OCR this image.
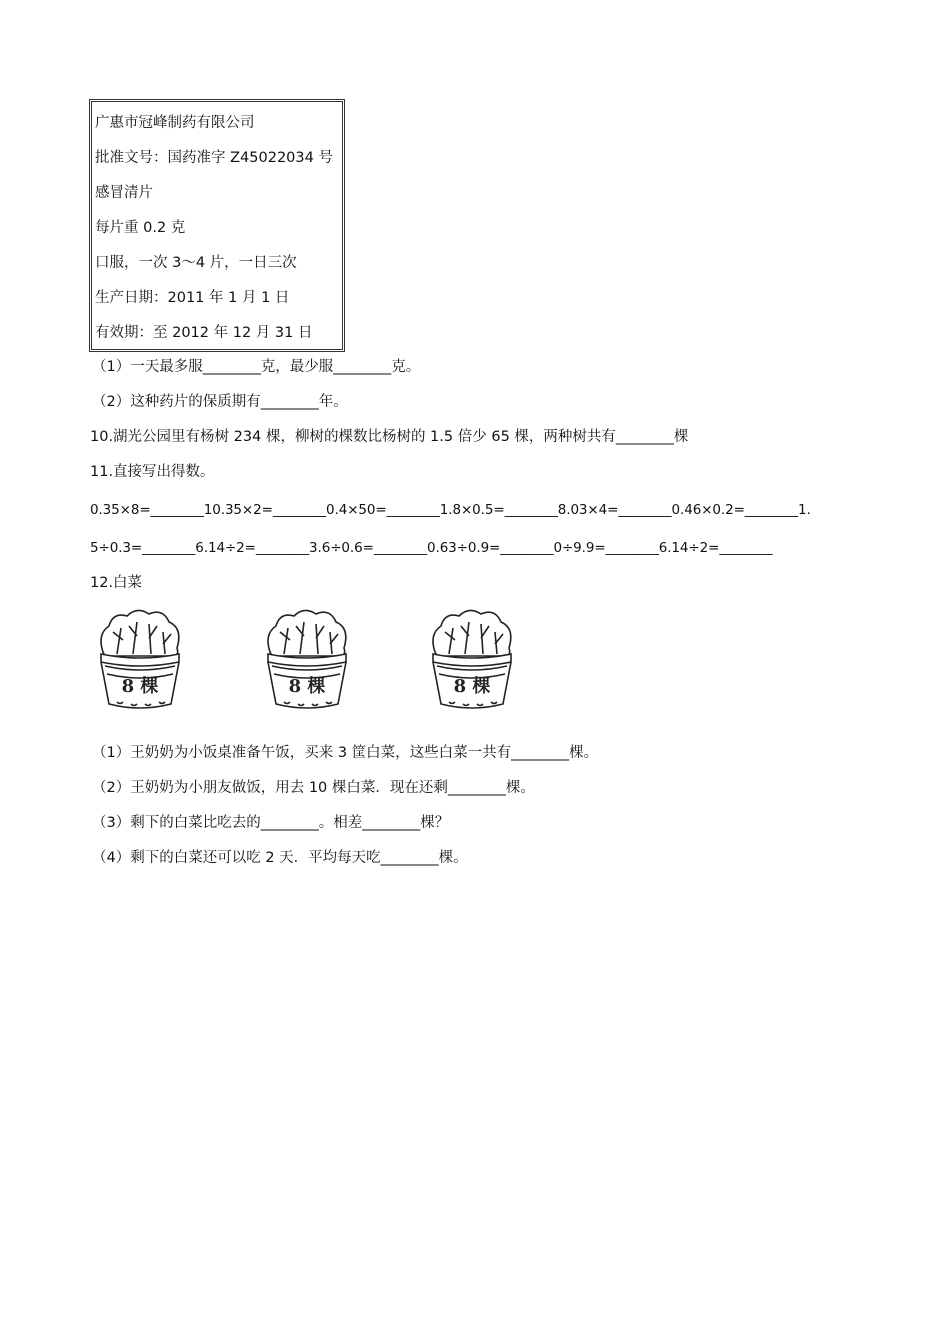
广惠市冠峰制药有限公司
批准文号：国药准字 Z45022034 号
感冒清片
每片重 0.2 克
口服，一次 3～4 片，一日三次
生产日期：2011 年 1 月 1 日
有效期：至 2012 年 12 月 31 日
（1）一天最多服________克，最少服________克。
（2）这种药片的保质期有________年。
10.湖光公园里有杨树 234 棵，柳树的棵数比杨树的 1.5 倍少 65 棵，两种树共有________棵
11.直接写出得数。
0.35×8=________10.35×2=________0.4×50=________1.8×0.5=________8.03×4=________0.46×0.2=________1.
5÷0.3=________6.14÷2=________3.6÷0.6=________0.63÷0.9=________0÷9.9=________6.14÷2=________
12.白菜
8 棵	8 棵	8 棵
（1）王奶奶为小饭桌准备午饭，买来 3 筐白菜，这些白菜一共有________棵。
（2）王奶奶为小朋友做饭，用去 10 棵白菜．现在还剩________棵。
（3）剩下的白菜比吃去的________。相差________棵？
（4）剩下的白菜还可以吃 2 天．平均每天吃________棵。
